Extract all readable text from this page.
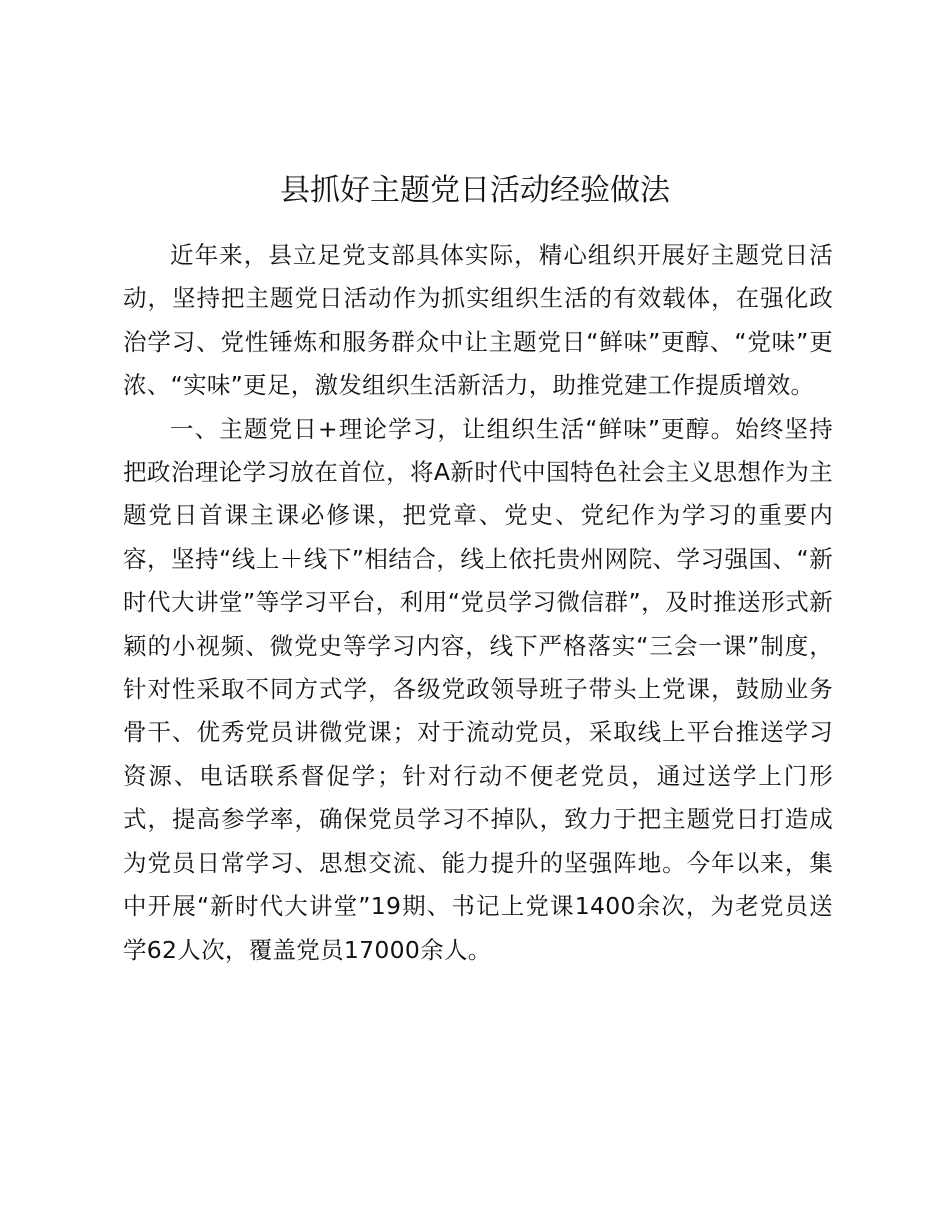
县抓好主题党日活动经验做法

近年来，县立足党支部具体实际，精心组织开展好主题党日活动，坚持把主题党日活动作为抓实组织生活的有效载体，在强化政治学习、党性锤炼和服务群众中让主题党日“鲜味”更醇、“党味”更浓、“实味”更足，激发组织生活新活力，助推党建工作提质增效。

一、主题党日+理论学习，让组织生活“鲜味”更醇。始终坚持把政治理论学习放在首位，将A新时代中国特色社会主义思想作为主题党日首课主课必修课，把党章、党史、党纪作为学习的重要内容，坚持“线上＋线下”相结合，线上依托贵州网院、学习强国、“新时代大讲堂”等学习平台，利用“党员学习微信群”，及时推送形式新颖的小视频、微党史等学习内容，线下严格落实“三会一课”制度，针对性采取不同方式学，各级党政领导班子带头上党课，鼓励业务骨干、优秀党员讲微党课；对于流动党员，采取线上平台推送学习资源、电话联系督促学；针对行动不便老党员，通过送学上门形式，提高参学率，确保党员学习不掉队，致力于把主题党日打造成为党员日常学习、思想交流、能力提升的坚强阵地。今年以来，集中开展“新时代大讲堂”19期、书记上党课1400余次，为老党员送学62人次，覆盖党员17000余人。
